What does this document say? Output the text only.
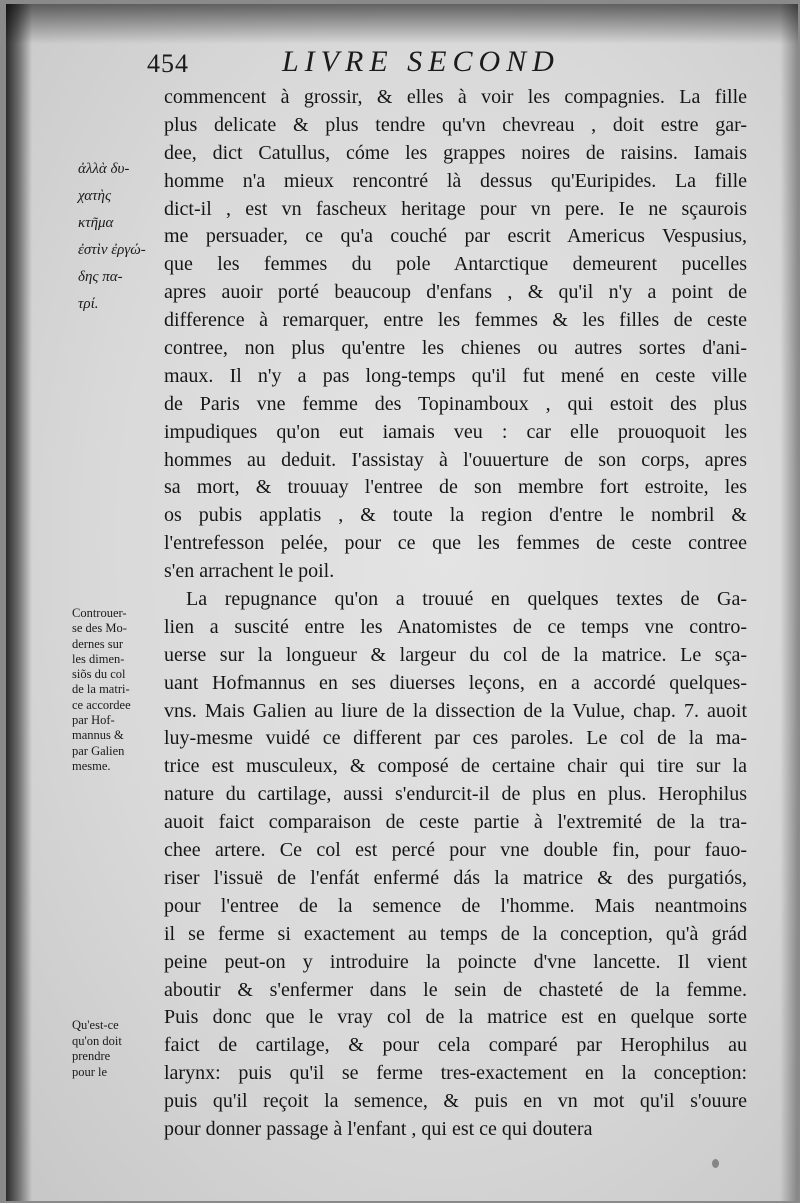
454	LIVRE SECOND
ἀλλὰ δυ-
χατὴς
κτῆμα
ἐστὶν ἐργώ-
δης πα-
τρί.
Controuer-
se des Mo-
dernes sur
les dimen-
siõs du col
de la matri-
ce accordee
par Hof-
mannus &
par Galien
mesme.
Qu'est-ce
qu'on doit
prendre
pour le
commencent à grossir, & elles à voir les compagnies. La fille
plus delicate & plus tendre qu'vn chevreau , doit estre gar-
dee, dict Catullus, cóme les grappes noires de raisins. Iamais
homme n'a mieux rencontré là dessus qu'Euripides. La fille
dict-il , est vn fascheux heritage pour vn pere. Ie ne sçaurois
me persuader, ce qu'a couché par escrit Americus Vespusius,
que les femmes du pole Antarctique demeurent pucelles
apres auoir porté beaucoup d'enfans , & qu'il n'y a point de
difference à remarquer, entre les femmes & les filles de ceste
contree, non plus qu'entre les chienes ou autres sortes d'ani-
maux. Il n'y a pas long-temps qu'il fut mené en ceste ville
de Paris vne femme des Topinamboux , qui estoit des plus
impudiques qu'on eut iamais veu : car elle prouoquoit les
hommes au deduit. I'assistay à l'ouuerture de son corps, apres
sa mort, & trouuay l'entree de son membre fort estroite, les
os pubis applatis , & toute la region d'entre le nombril &
l'entrefesson pelée, pour ce que les femmes de ceste contree
s'en arrachent le poil.
La repugnance qu'on a trouué en quelques textes de Ga-
lien a suscité entre les Anatomistes de ce temps vne contro-
uerse sur la longueur & largeur du col de la matrice. Le sça-
uant Hofmannus en ses diuerses leçons, en a accordé quelques-
vns. Mais Galien au liure de la dissection de la Vulue, chap. 7. auoit
luy-mesme vuidé ce different par ces paroles. Le col de la ma-
trice est musculeux, & composé de certaine chair qui tire sur la
nature du cartilage, aussi s'endurcit-il de plus en plus. Herophilus
auoit faict comparaison de ceste partie à l'extremité de la tra-
chee artere. Ce col est percé pour vne double fin, pour fauo-
riser l'issuë de l'enfát enfermé dás la matrice & des purgatiós,
pour l'entree de la semence de l'homme. Mais neantmoins
il se ferme si exactement au temps de la conception, qu'à grád
peine peut-on y introduire la poincte d'vne lancette. Il vient
aboutir & s'enfermer dans le sein de chasteté de la femme.
Puis donc que le vray col de la matrice est en quelque sorte
faict de cartilage, & pour cela comparé par Herophilus au
larynx: puis qu'il se ferme tres-exactement en la conception:
puis qu'il reçoit la semence, & puis en vn mot qu'il s'ouure
pour donner passage à l'enfant , qui est ce qui doutera
